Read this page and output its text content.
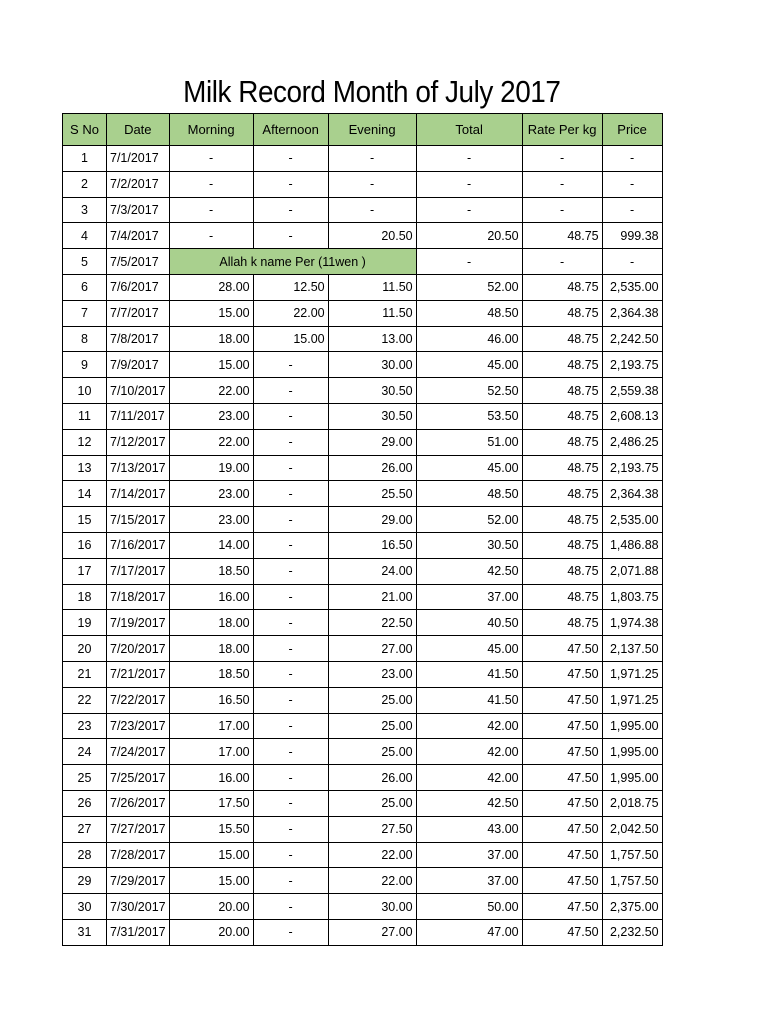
Milk Record Month of July 2017
S No	Date	Morning	Afternoon	Evening	Total	Rate Per kg	Price
1	7/1/2017	-	-	-	-	-	-
2	7/2/2017	-	-	-	-	-	-
3	7/3/2017	-	-	-	-	-	-
4	7/4/2017	-	-	20.50	20.50	48.75	999.38
5	7/5/2017	Allah k name Per (11wen )			-	-	-
6	7/6/2017	28.00	12.50	11.50	52.00	48.75	2,535.00
7	7/7/2017	15.00	22.00	11.50	48.50	48.75	2,364.38
8	7/8/2017	18.00	15.00	13.00	46.00	48.75	2,242.50
9	7/9/2017	15.00	-	30.00	45.00	48.75	2,193.75
10	7/10/2017	22.00	-	30.50	52.50	48.75	2,559.38
11	7/11/2017	23.00	-	30.50	53.50	48.75	2,608.13
12	7/12/2017	22.00	-	29.00	51.00	48.75	2,486.25
13	7/13/2017	19.00	-	26.00	45.00	48.75	2,193.75
14	7/14/2017	23.00	-	25.50	48.50	48.75	2,364.38
15	7/15/2017	23.00	-	29.00	52.00	48.75	2,535.00
16	7/16/2017	14.00	-	16.50	30.50	48.75	1,486.88
17	7/17/2017	18.50	-	24.00	42.50	48.75	2,071.88
18	7/18/2017	16.00	-	21.00	37.00	48.75	1,803.75
19	7/19/2017	18.00	-	22.50	40.50	48.75	1,974.38
20	7/20/2017	18.00	-	27.00	45.00	47.50	2,137.50
21	7/21/2017	18.50	-	23.00	41.50	47.50	1,971.25
22	7/22/2017	16.50	-	25.00	41.50	47.50	1,971.25
23	7/23/2017	17.00	-	25.00	42.00	47.50	1,995.00
24	7/24/2017	17.00	-	25.00	42.00	47.50	1,995.00
25	7/25/2017	16.00	-	26.00	42.00	47.50	1,995.00
26	7/26/2017	17.50	-	25.00	42.50	47.50	2,018.75
27	7/27/2017	15.50	-	27.50	43.00	47.50	2,042.50
28	7/28/2017	15.00	-	22.00	37.00	47.50	1,757.50
29	7/29/2017	15.00	-	22.00	37.00	47.50	1,757.50
30	7/30/2017	20.00	-	30.00	50.00	47.50	2,375.00
31	7/31/2017	20.00	-	27.00	47.00	47.50	2,232.50
